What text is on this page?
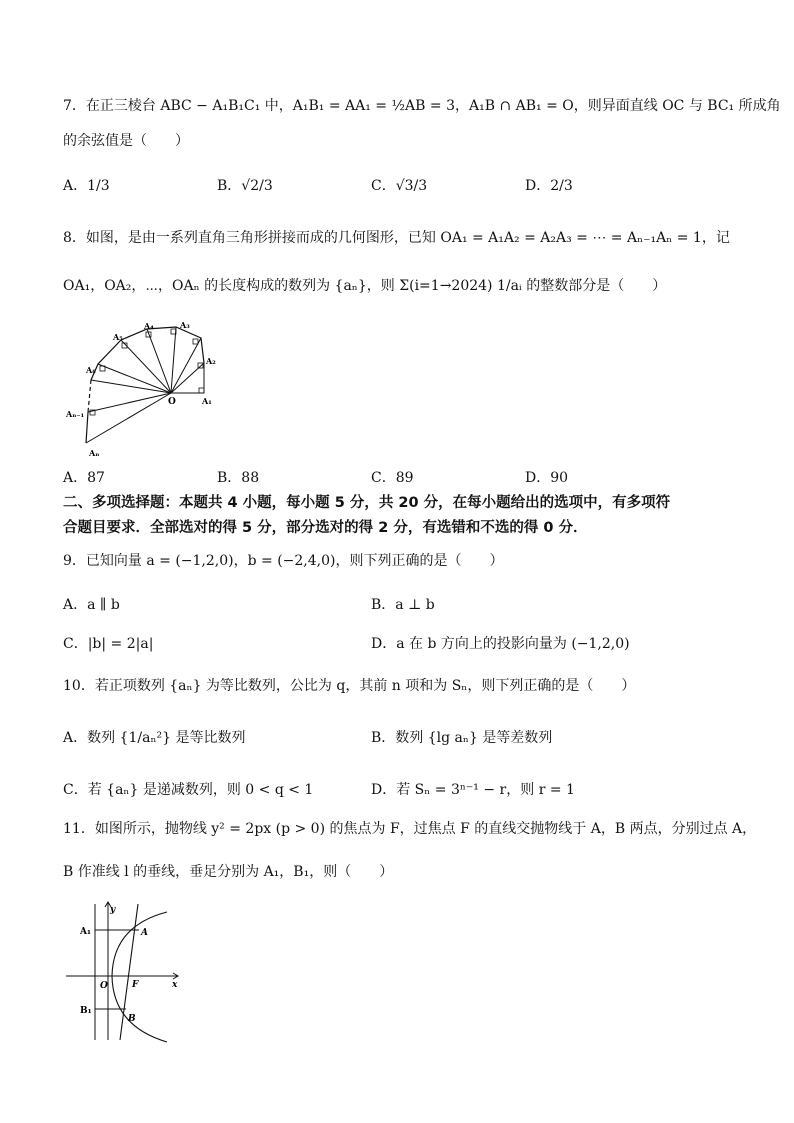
7．在正三棱台 ABC − A₁B₁C₁ 中，A₁B₁ = AA₁ = ½AB = 3，A₁B ∩ AB₁ = O，则异面直线 OC 与 BC₁ 所成角
的余弦值是（　　）
A．1/3	B．√2/3	C．√3/3	D．2/3
8．如图，是由一系列直角三角形拼接而成的几何图形，已知 OA₁ = A₁A₂ = A₂A₃ = ⋯ = Aₙ₋₁Aₙ = 1，记
OA₁，OA₂，⋯，OAₙ 的长度构成的数列为 {aₙ}，则 Σ(i=1→2024) 1/aᵢ 的整数部分是（　　）
A₅
A₄	A₃
A₂
A₁
A₆
O
Aₙ₋₁
Aₙ
A．87	B．88	C．89	D．90
二、多项选择题：本题共 4 小题，每小题 5 分，共 20 分，在每小题给出的选项中，有多项符
合题目要求．全部选对的得 5 分，部分选对的得 2 分，有选错和不选的得 0 分．
9．已知向量 a = (−1,2,0)，b = (−2,4,0)，则下列正确的是（　　）
A．a ∥ b	B．a ⊥ b
C．|b| = 2|a|	D．a 在 b 方向上的投影向量为 (−1,2,0)
10．若正项数列 {aₙ} 为等比数列，公比为 q，其前 n 项和为 Sₙ，则下列正确的是（　　）
A．数列 {1/aₙ²} 是等比数列	B．数列 {lg aₙ} 是等差数列
C．若 {aₙ} 是递减数列，则 0 < q < 1	D．若 Sₙ = 3ⁿ⁻¹ − r，则 r = 1
11．如图所示，抛物线 y² = 2px (p > 0) 的焦点为 F，过焦点 F 的直线交抛物线于 A，B 两点，分别过点 A，
B 作准线 l 的垂线，垂足分别为 A₁，B₁，则（　　）
y
A₁	A
O	F	x
B₁
B
